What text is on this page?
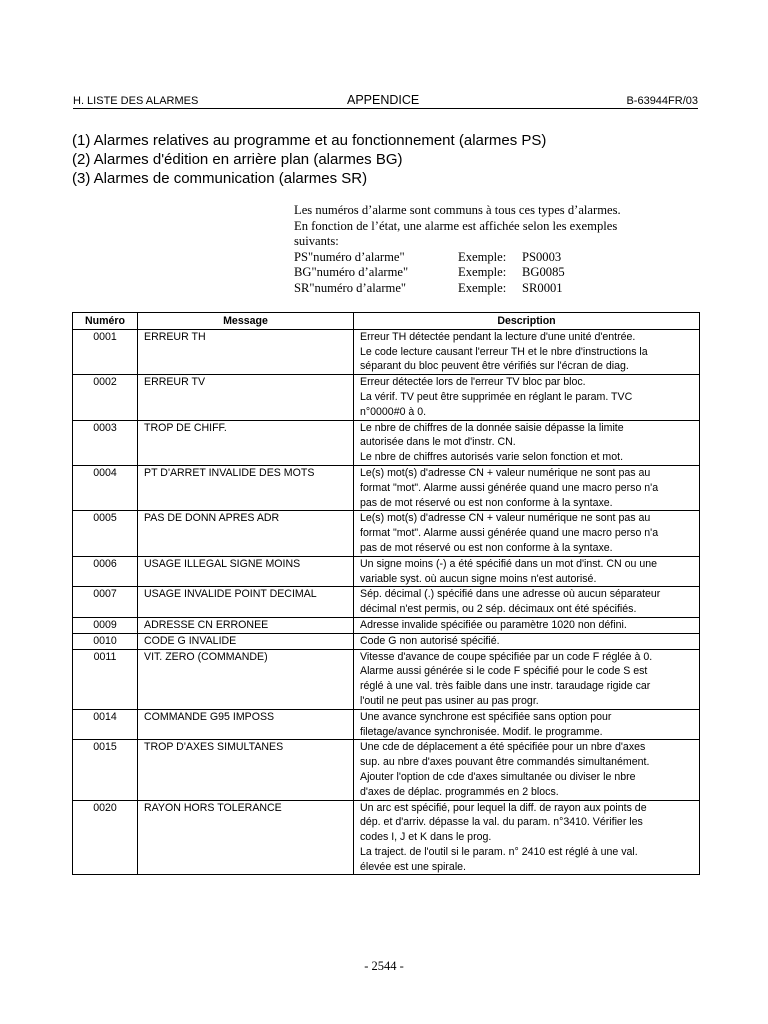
H. LISTE DES ALARMES	APPENDICE	B-63944FR/03
(1) Alarmes relatives au programme et au fonctionnement (alarmes PS)
(2) Alarmes d'édition en arrière plan (alarmes BG)
(3) Alarmes de communication (alarmes SR)
Les numéros d’alarme sont communs à tous ces types d’alarmes.
En fonction de l’état, une alarme est affichée selon les exemples
suivants:
PS"numéro d’alarme"	Exemple:	PS0003
BG"numéro d’alarme"	Exemple:	BG0085
SR"numéro d’alarme"	Exemple:	SR0001
Numéro	Message	Description
0001	ERREUR TH	Erreur TH détectée pendant la lecture d'une unité d'entrée.
Le code lecture causant l'erreur TH et le nbre d'instructions la
séparant du bloc peuvent être vérifiés sur l'écran de diag.

0002	ERREUR TV	Erreur détectée lors de l'erreur TV bloc par bloc.
La vérif. TV peut être supprimée en réglant le param. TVC
n°0000#0 à 0.

0003	TROP DE CHIFF.	Le nbre de chiffres de la donnée saisie dépasse la limite
autorisée dans le mot d'instr. CN.
Le nbre de chiffres autorisés varie selon fonction et mot.

0004	PT D'ARRET INVALIDE DES MOTS	Le(s) mot(s) d'adresse CN + valeur numérique ne sont pas au
format "mot". Alarme aussi générée quand une macro perso n'a
pas de mot réservé ou est non conforme à la syntaxe.

0005	PAS DE DONN APRES ADR	Le(s) mot(s) d'adresse CN + valeur numérique ne sont pas au
format "mot". Alarme aussi générée quand une macro perso n'a
pas de mot réservé ou est non conforme à la syntaxe.

0006	USAGE ILLEGAL SIGNE MOINS	Un signe moins (-) a été spécifié dans un mot d'inst. CN ou une
variable syst. où aucun signe moins n'est autorisé.

0007	USAGE INVALIDE POINT DECIMAL	Sép. décimal (.) spécifié dans une adresse où aucun séparateur
décimal n'est permis, ou 2 sép. décimaux ont été spécifiés.

0009	ADRESSE CN ERRONEE	Adresse invalide spécifiée ou paramètre 1020 non défini.

0010	CODE G INVALIDE	Code G non autorisé spécifié.

0011	VIT. ZERO (COMMANDE)	Vitesse d'avance de coupe spécifiée par un code F réglée à 0.
Alarme aussi générée si le code F spécifié pour le code S est
réglé à une val. très faible dans une instr. taraudage rigide car
l'outil ne peut pas usiner au pas progr.

0014	COMMANDE G95 IMPOSS	Une avance synchrone est spécifiée sans option pour
filetage/avance synchronisée. Modif. le programme.

0015	TROP D'AXES SIMULTANES	Une cde de déplacement a été spécifiée pour un nbre d'axes
sup. au nbre d'axes pouvant être commandés simultanément.
Ajouter l'option de cde d'axes simultanée ou diviser le nbre
d'axes de déplac. programmés en 2 blocs.

0020	RAYON HORS TOLERANCE	Un arc est spécifié, pour lequel la diff. de rayon aux points de
dép. et d'arriv. dépasse la val. du param. n°3410. Vérifier les
codes I, J et K dans le prog.
La traject. de l'outil si le param. n° 2410 est réglé à une val.
élevée est une spirale.
- 2544 -
